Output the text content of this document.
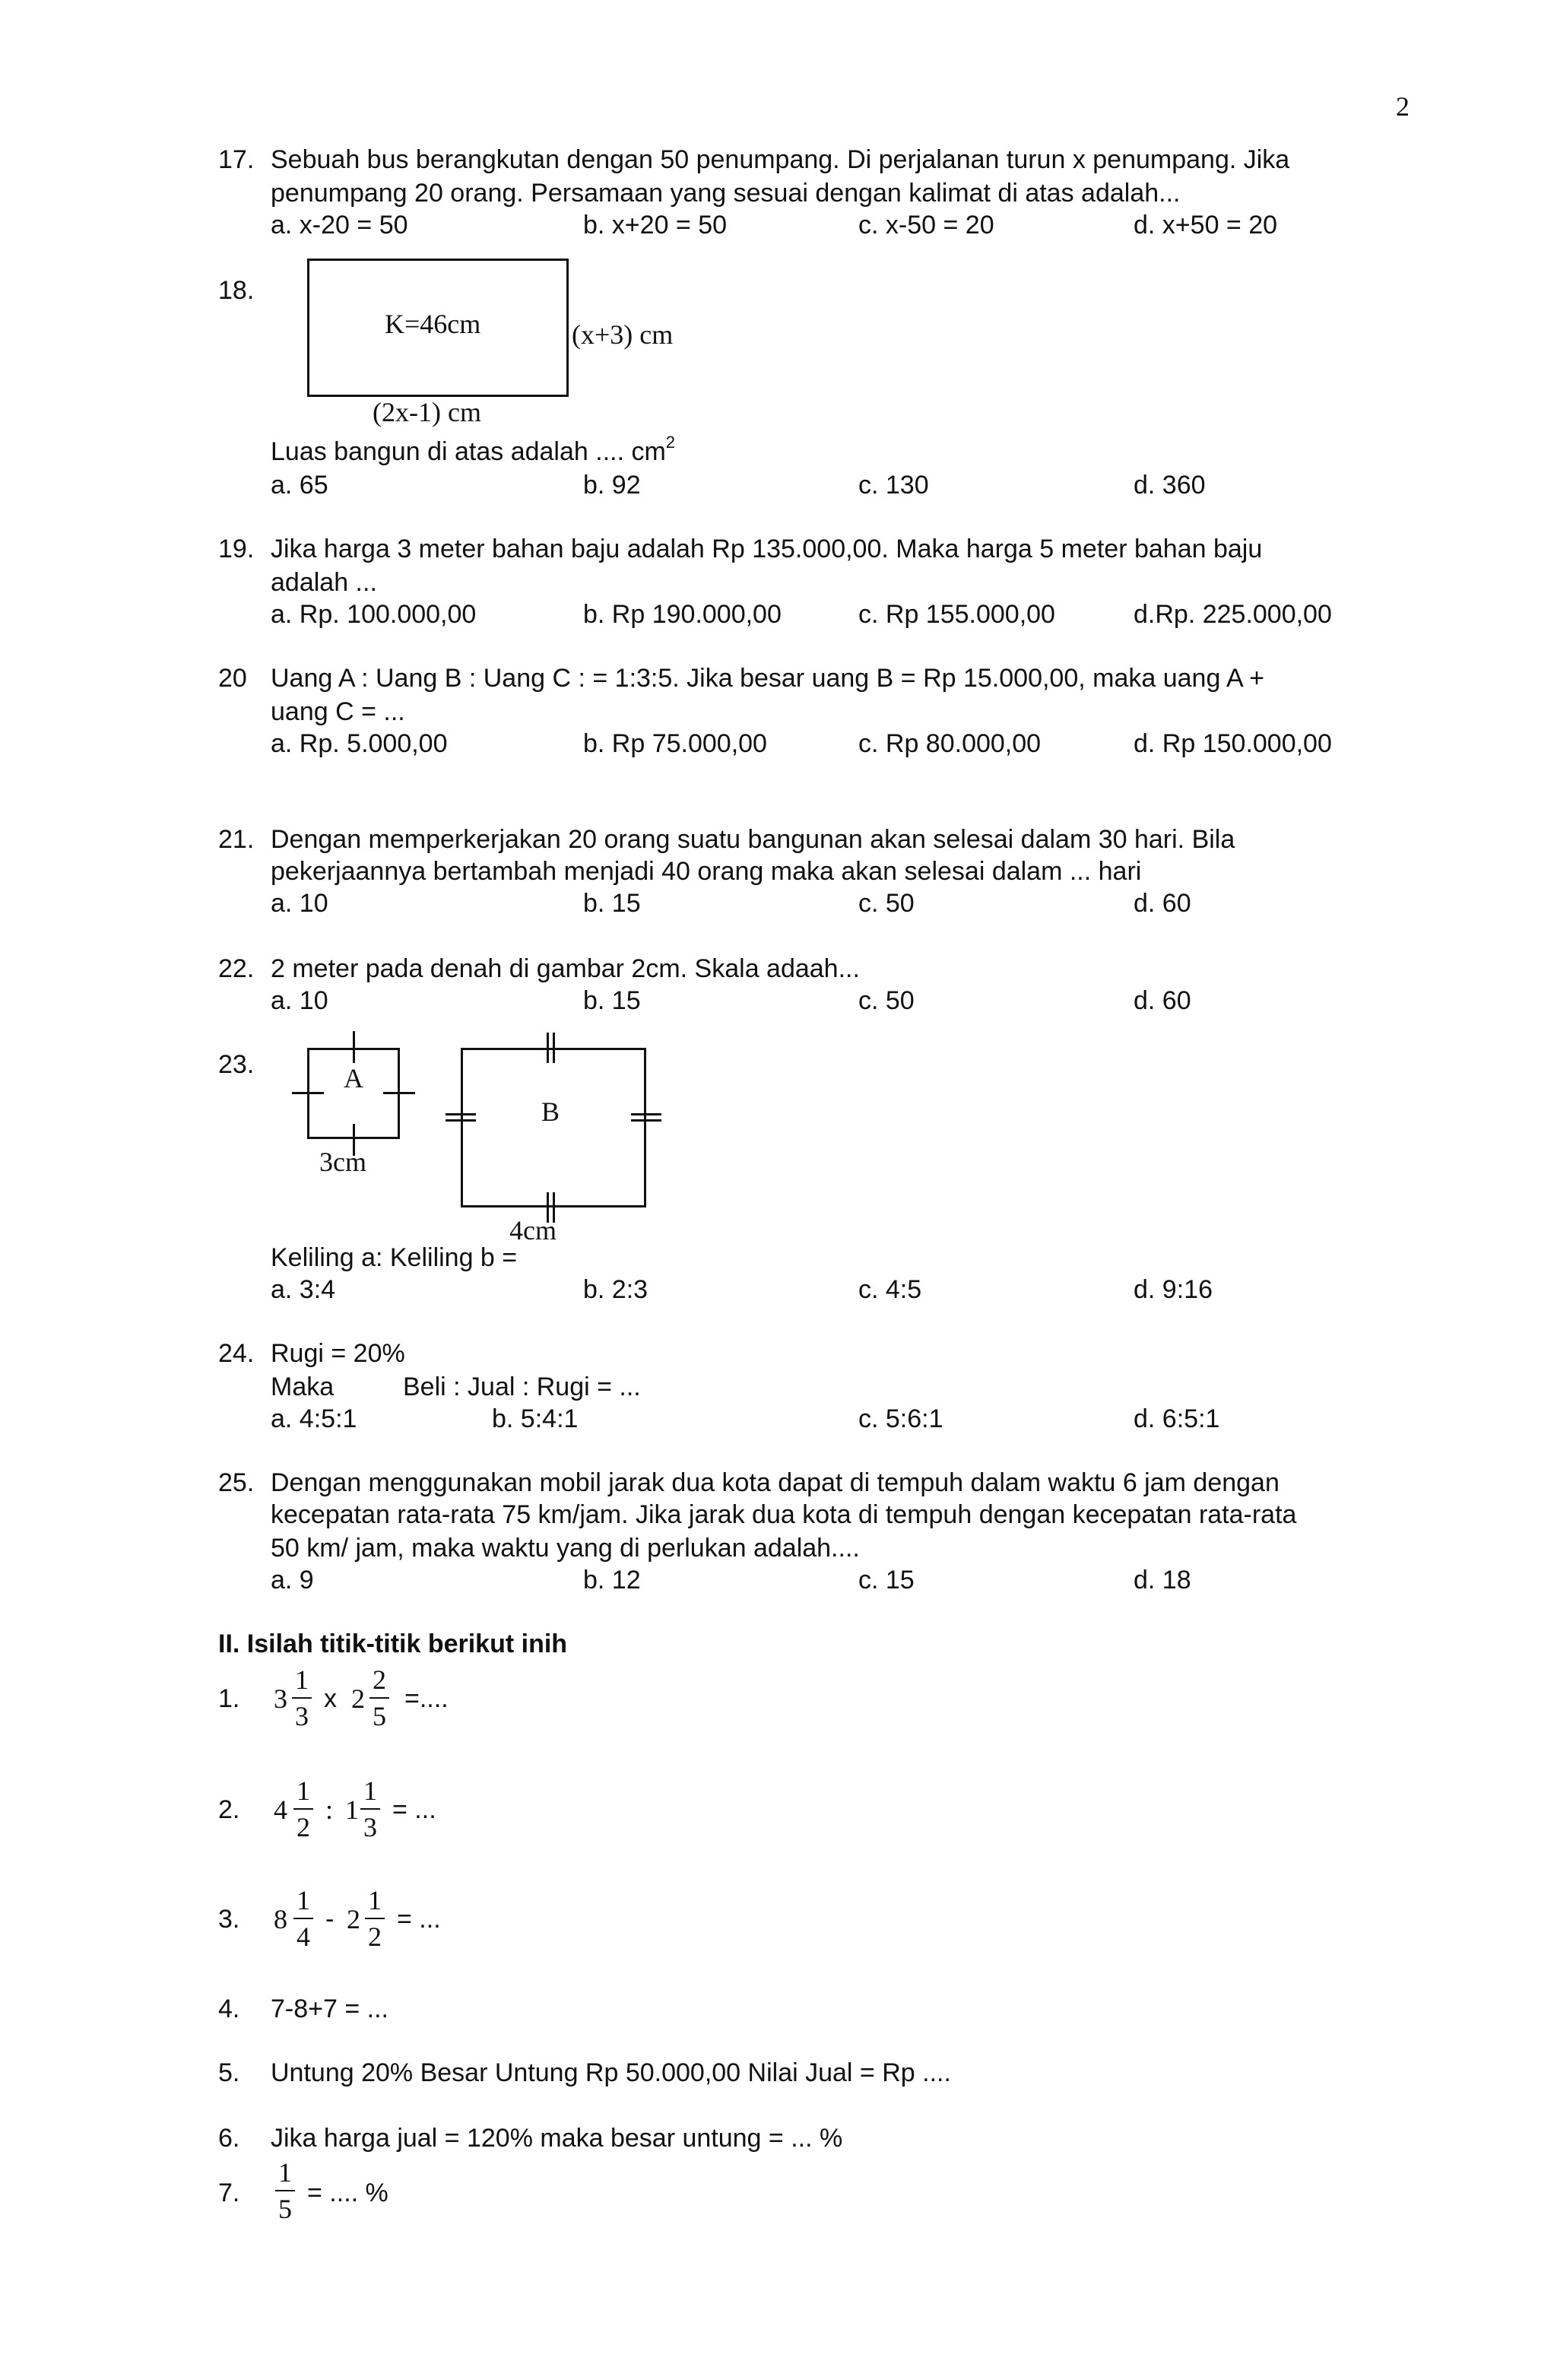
2
17. Sebuah bus berangkutan dengan 50 penumpang. Di perjalanan turun x penumpang. Jika
penumpang 20 orang. Persamaan yang sesuai dengan kalimat di atas adalah...
a. x-20 = 50	b. x+20 = 50	c. x-50 = 20	d. x+50 = 20
18.
K=46cm	(x+3) cm
(2x-1) cm
Luas bangun di atas adalah .... $cm^2$
a. 65	b. 92	c. 130	d. 360
19. Jika harga 3 meter bahan baju adalah Rp 135.000,00. Maka harga 5 meter bahan baju
adalah ...
a. Rp. 100.000,00	b. Rp 190.000,00	c. Rp 155.000,00	d.Rp. 225.000,00
20 Uang A : Uang B : Uang C : = 1:3:5. Jika besar uang B = Rp 15.000,00, maka uang A +
uang C = ...
a. Rp. 5.000,00	b. Rp 75.000,00	c. Rp 80.000,00	d. Rp 150.000,00
21. Dengan memperkerjakan 20 orang suatu bangunan akan selesai dalam 30 hari. Bila
pekerjaannya bertambah menjadi 40 orang maka akan selesai dalam ... hari
a. 10	b. 15	c. 50	d. 60
22. 2 meter pada denah di gambar 2cm. Skala adaah...
a. 10	b. 15	c. 50	d. 60
23.	A
3cm
B
4cm
Keliling a: Keliling b =
a. 3:4	b. 2:3	c. 4:5	d. 9:16
24. Rugi = 20%
Maka	Beli : Jual : Rugi = ...
a. 4:5:1	b. 5:4:1	c. 5:6:1	d. 6:5:1
25. Dengan menggunakan mobil jarak dua kota dapat di tempuh dalam waktu 6 jam dengan
kecepatan rata-rata 75 km/jam. Jika jarak dua kota di tempuh dengan kecepatan rata-rata
50 km/ jam, maka waktu yang di perlukan adalah....
a. 9	b. 12	c. 15	d. 18
II. Isilah titik-titik berikut inih
1. 3
1
3
x 2
2
5
=....
2. 4
1
2
: 1
1
3
= ...
3. 8
1
4
- 2
1
2
= ...
4. 7-8+7 = ...
5. Untung 20% Besar Untung Rp 50.000,00 Nilai Jual = Rp ....
6. Jika harga jual = 120% maka besar untung = ... %
7.
1
5
= .... %
